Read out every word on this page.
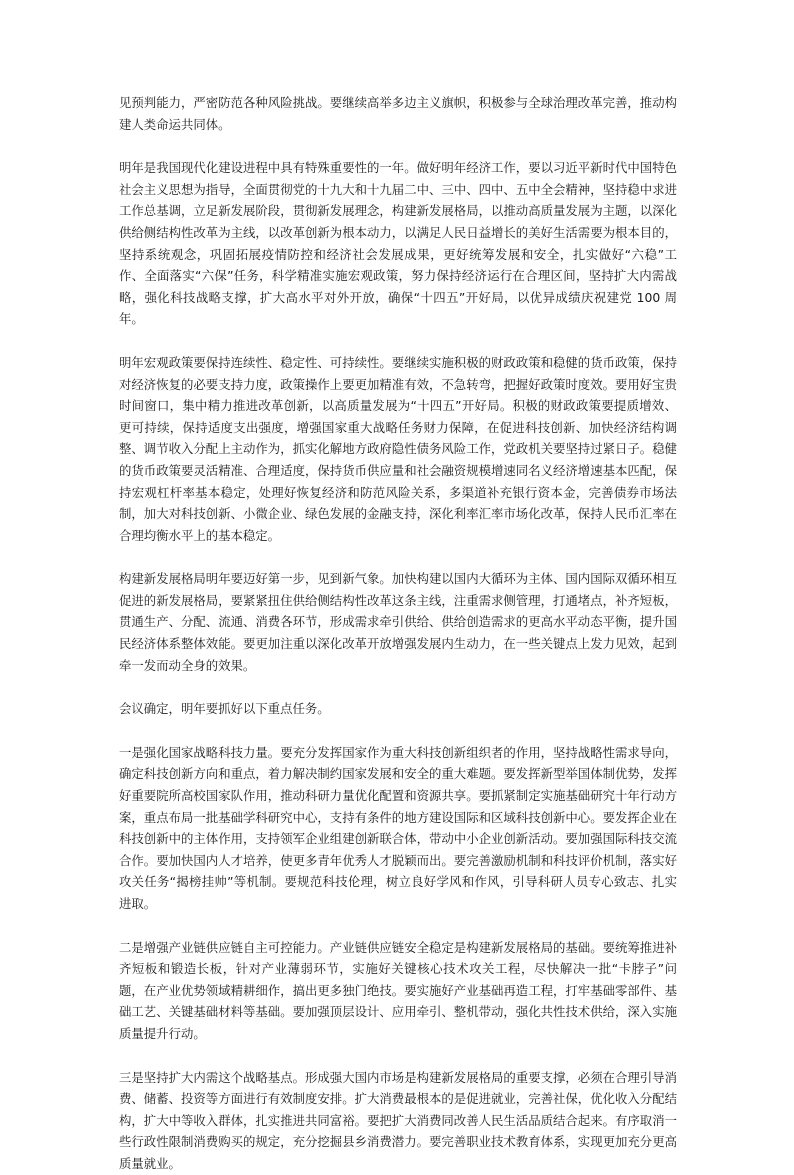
见预判能力，严密防范各种风险挑战。要继续高举多边主义旗帜，积极参与全球治理改革完善，推动构建人类命运共同体。

明年是我国现代化建设进程中具有特殊重要性的一年。做好明年经济工作，要以习近平新时代中国特色社会主义思想为指导，全面贯彻党的十九大和十九届二中、三中、四中、五中全会精神，坚持稳中求进工作总基调，立足新发展阶段，贯彻新发展理念，构建新发展格局，以推动高质量发展为主题，以深化供给侧结构性改革为主线，以改革创新为根本动力，以满足人民日益增长的美好生活需要为根本目的，坚持系统观念，巩固拓展疫情防控和经济社会发展成果，更好统筹发展和安全，扎实做好“六稳”工作、全面落实“六保”任务，科学精准实施宏观政策，努力保持经济运行在合理区间，坚持扩大内需战略，强化科技战略支撑，扩大高水平对外开放，确保“十四五”开好局，以优异成绩庆祝建党 100 周年。

明年宏观政策要保持连续性、稳定性、可持续性。要继续实施积极的财政政策和稳健的货币政策，保持对经济恢复的必要支持力度，政策操作上要更加精准有效，不急转弯，把握好政策时度效。要用好宝贵时间窗口，集中精力推进改革创新，以高质量发展为“十四五”开好局。积极的财政政策要提质增效、更可持续，保持适度支出强度，增强国家重大战略任务财力保障，在促进科技创新、加快经济结构调整、调节收入分配上主动作为，抓实化解地方政府隐性债务风险工作，党政机关要坚持过紧日子。稳健的货币政策要灵活精准、合理适度，保持货币供应量和社会融资规模增速同名义经济增速基本匹配，保持宏观杠杆率基本稳定，处理好恢复经济和防范风险关系，多渠道补充银行资本金，完善债券市场法制，加大对科技创新、小微企业、绿色发展的金融支持，深化利率汇率市场化改革，保持人民币汇率在合理均衡水平上的基本稳定。

构建新发展格局明年要迈好第一步，见到新气象。加快构建以国内大循环为主体、国内国际双循环相互促进的新发展格局，要紧紧扭住供给侧结构性改革这条主线，注重需求侧管理，打通堵点，补齐短板，贯通生产、分配、流通、消费各环节，形成需求牵引供给、供给创造需求的更高水平动态平衡，提升国民经济体系整体效能。要更加注重以深化改革开放增强发展内生动力，在一些关键点上发力见效，起到牵一发而动全身的效果。

会议确定，明年要抓好以下重点任务。

一是强化国家战略科技力量。要充分发挥国家作为重大科技创新组织者的作用，坚持战略性需求导向，确定科技创新方向和重点，着力解决制约国家发展和安全的重大难题。要发挥新型举国体制优势，发挥好重要院所高校国家队作用，推动科研力量优化配置和资源共享。要抓紧制定实施基础研究十年行动方案，重点布局一批基础学科研究中心，支持有条件的地方建设国际和区域科技创新中心。要发挥企业在科技创新中的主体作用，支持领军企业组建创新联合体，带动中小企业创新活动。要加强国际科技交流合作。要加快国内人才培养，使更多青年优秀人才脱颖而出。要完善激励机制和科技评价机制，落实好攻关任务“揭榜挂帅”等机制。要规范科技伦理，树立良好学风和作风，引导科研人员专心致志、扎实进取。

二是增强产业链供应链自主可控能力。产业链供应链安全稳定是构建新发展格局的基础。要统筹推进补齐短板和锻造长板，针对产业薄弱环节，实施好关键核心技术攻关工程，尽快解决一批“卡脖子”问题，在产业优势领域精耕细作，搞出更多独门绝技。要实施好产业基础再造工程，打牢基础零部件、基础工艺、关键基础材料等基础。要加强顶层设计、应用牵引、整机带动，强化共性技术供给，深入实施质量提升行动。

三是坚持扩大内需这个战略基点。形成强大国内市场是构建新发展格局的重要支撑，必须在合理引导消费、储蓄、投资等方面进行有效制度安排。扩大消费最根本的是促进就业，完善社保，优化收入分配结构，扩大中等收入群体，扎实推进共同富裕。要把扩大消费同改善人民生活品质结合起来。有序取消一些行政性限制消费购买的规定，充分挖掘县乡消费潜力。要完善职业技术教育体系，实现更加充分更高质量就业。
